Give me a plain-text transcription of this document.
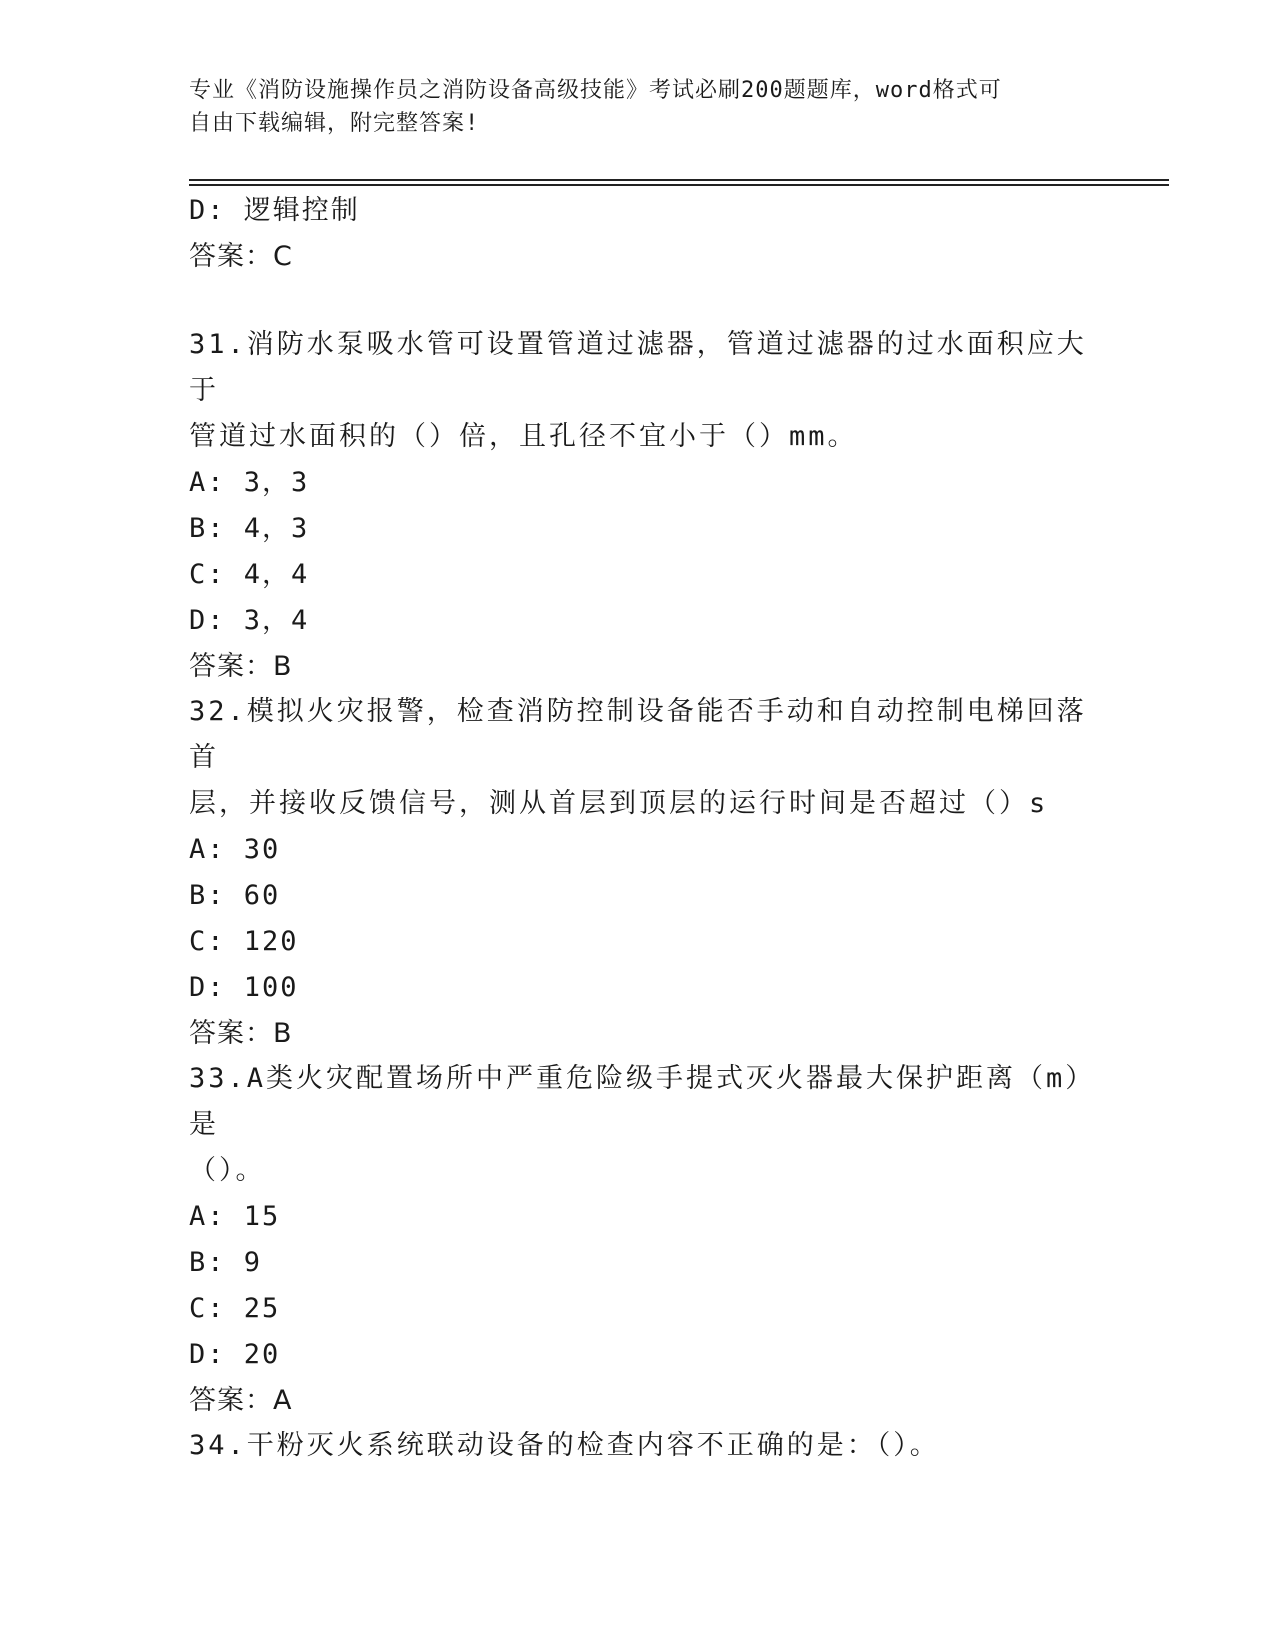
专业《消防设施操作员之消防设备高级技能》考试必刷200题题库，word格式可
自由下载编辑，附完整答案!
D: 逻辑控制
答案：C
31.消防水泵吸水管可设置管道过滤器，管道过滤器的过水面积应大于
管道过水面积的（）倍，且孔径不宜小于（）mm。
A: 3，3
B: 4，3
C: 4，4
D: 3，4
答案：B
32.模拟火灾报警，检查消防控制设备能否手动和自动控制电梯回落首
层，并接收反馈信号，测从首层到顶层的运行时间是否超过（）s
A: 30
B: 60
C: 120
D: 100
答案：B
33.A类火灾配置场所中严重危险级手提式灭火器最大保护距离（m）是
（）。
A: 15
B: 9
C: 25
D: 20
答案：A
34.干粉灭火系统联动设备的检查内容不正确的是：（）。
